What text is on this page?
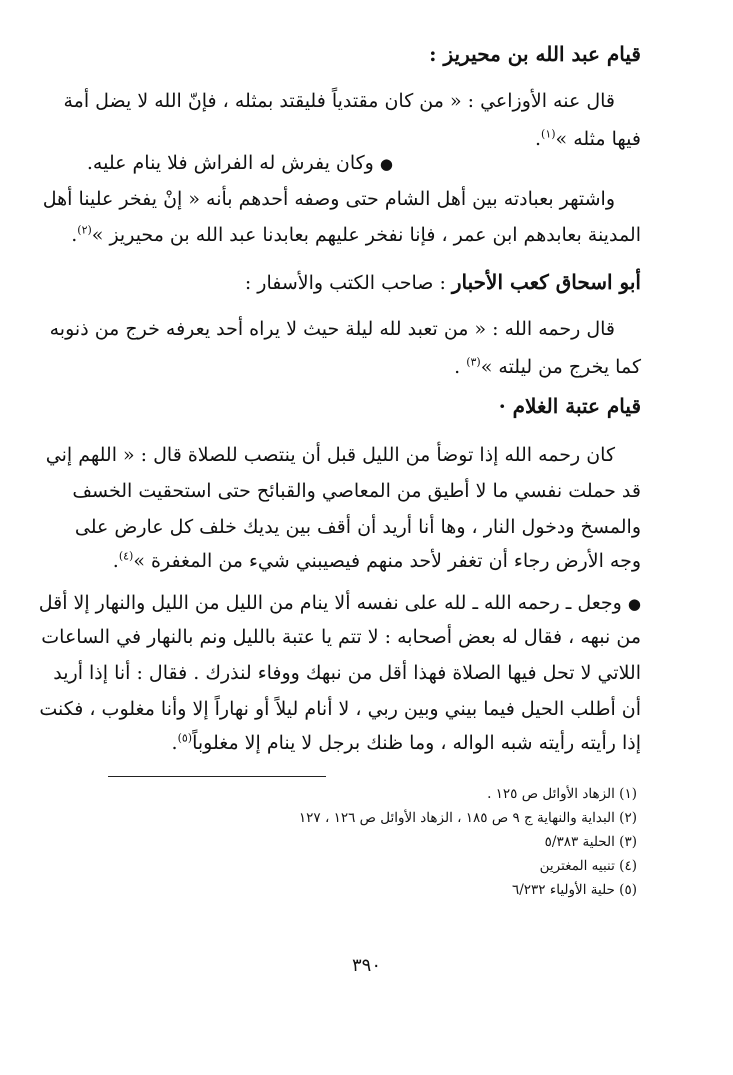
قيام عبد الله بن محيريز :

قال عنه الأوزاعي : « من كان مقتدياً فليقتد بمثله ، فإنّ الله لا يضل أمة

فيها مثله »$^{(١)}$.

● وكان يفرش له الفراش فلا ينام عليه.

واشتهر بعبادته بين أهل الشام حتى وصفه أحدهم بأنه « إنْ يفخر علينا أهل

المدينة بعابدهم ابن عمر ، فإنا نفخر عليهم بعابدنا عبد الله بن محيريز »$^{(٢)}$.

أبو اسحاق كعب الأحبار : صاحب الكتب والأسفار :

قال رحمه الله : « من تعبد لله ليلة حيث لا يراه أحد يعرفه خرج من ذنوبه

كما يخرج من ليلته »$^{(٣)}$ .

قيام عتبة الغلام ·

كان رحمه الله إذا توضأ من الليل قبل أن ينتصب للصلاة قال : « اللهم إني

قد حملت نفسي ما لا أطيق من المعاصي والقبائح حتى استحقيت الخسف

والمسخ ودخول النار ، وها أنا أريد أن أقف بين يديك خلف كل عارض على

وجه الأرض رجاء أن تغفر لأحد منهم فيصيبني شيء من المغفرة »$^{(٤)}$.

● وجعل ـ رحمه الله ـ لله على نفسه ألا ينام من الليل من الليل والنهار إلا أقل

من نبهه ، فقال له بعض أصحابه : لا تتم يا عتبة بالليل ونم بالنهار في الساعات

اللاتي لا تحل فيها الصلاة فهذا أقل من نبهك ووفاء لنذرك . فقال : أنا إذا أريد

أن أطلب الحيل فيما بيني وبين ربي ، لا أنام ليلاً أو نهاراً إلا وأنا مغلوب ، فكنت

إذا رأيته رأيته شبه الواله ، وما ظنك برجل لا ينام إلا مغلوباً$^{(٥)}$.

(١) الزهاد الأوائل ص ١٢٥ .

(٢) البداية والنهاية ج ٩ ص ١٨٥ ، الزهاد الأوائل ص ١٢٦ ، ١٢٧

(٣) الحلية ٥/٣٨٣

(٤) تنبيه المغترين

(٥) حلية الأولياء ٦/٢٣٢

٣٩٠
